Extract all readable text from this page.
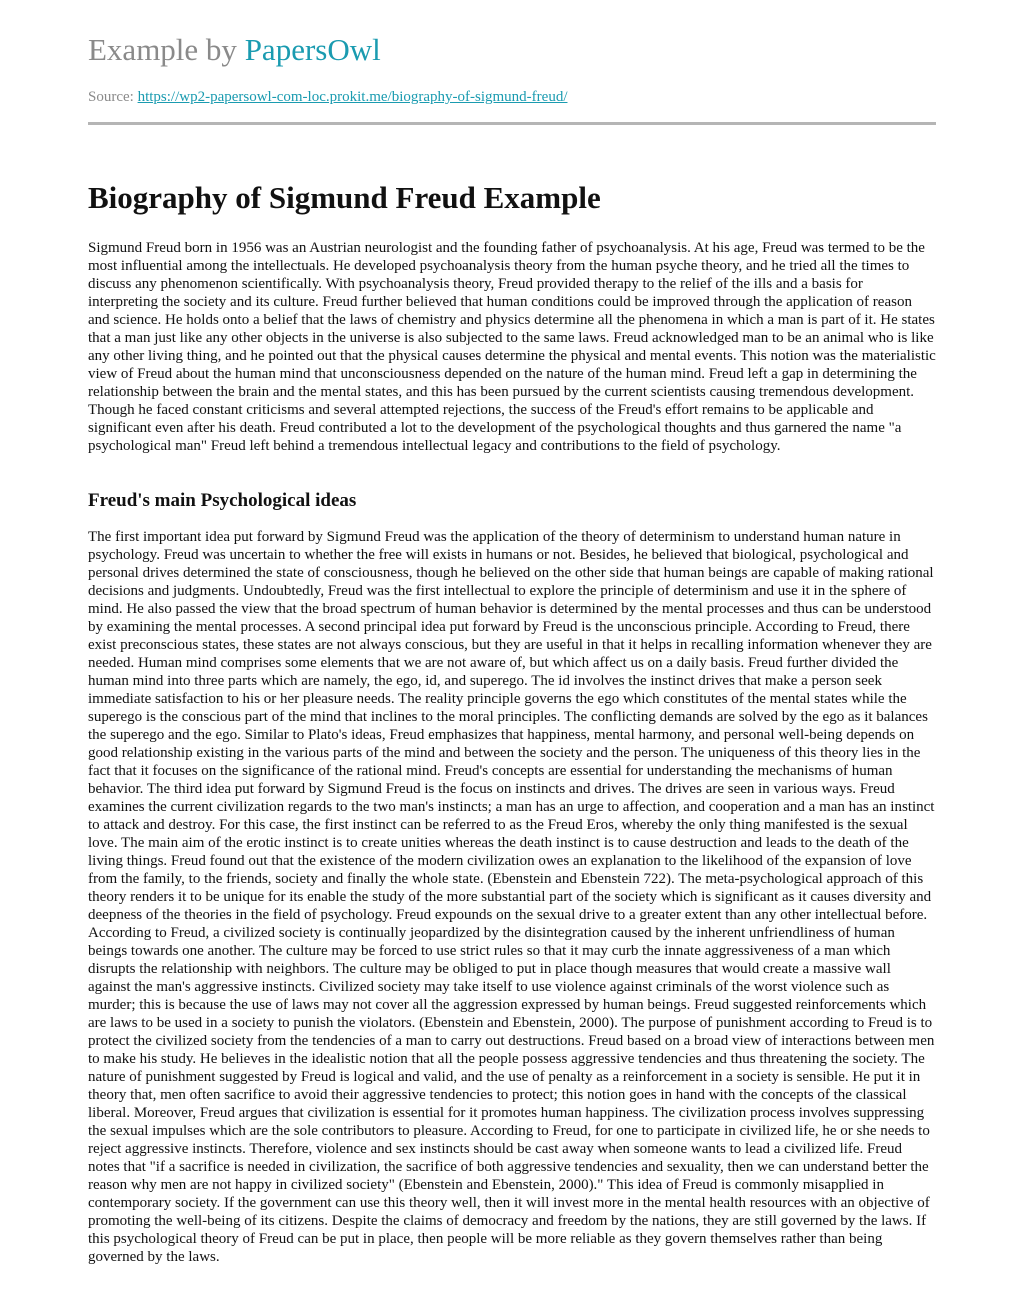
Example by PapersOwl
Source: https://wp2-papersowl-com-loc.prokit.me/biography-of-sigmund-freud/
Biography of Sigmund Freud Example

Sigmund Freud born in 1956 was an Austrian neurologist and the founding father of psychoanalysis. At his age, Freud was termed to be the most influential among the intellectuals. He developed psychoanalysis theory from the human psyche theory, and he tried all the times to discuss any phenomenon scientifically. With psychoanalysis theory, Freud provided therapy to the relief of the ills and a basis for interpreting the society and its culture. Freud further believed that human conditions could be improved through the application of reason and science. He holds onto a belief that the laws of chemistry and physics determine all the phenomena in which a man is part of it. He states that a man just like any other objects in the universe is also subjected to the same laws. Freud acknowledged man to be an animal who is like any other living thing, and he pointed out that the physical causes determine the physical and mental events. This notion was the materialistic view of Freud about the human mind that unconsciousness depended on the nature of the human mind. Freud left a gap in determining the relationship between the brain and the mental states, and this has been pursued by the current scientists causing tremendous development. Though he faced constant criticisms and several attempted rejections, the success of the Freud's effort remains to be applicable and significant even after his death. Freud contributed a lot to the development of the psychological thoughts and thus garnered the name "a psychological man" Freud left behind a tremendous intellectual legacy and contributions to the field of psychology.

Freud's main Psychological ideas

The first important idea put forward by Sigmund Freud was the application of the theory of determinism to understand human nature in psychology. Freud was uncertain to whether the free will exists in humans or not. Besides, he believed that biological, psychological and personal drives determined the state of consciousness, though he believed on the other side that human beings are capable of making rational decisions and judgments. Undoubtedly, Freud was the first intellectual to explore the principle of determinism and use it in the sphere of mind. He also passed the view that the broad spectrum of human behavior is determined by the mental processes and thus can be understood by examining the mental processes. A second principal idea put forward by Freud is the unconscious principle. According to Freud, there exist preconscious states, these states are not always conscious, but they are useful in that it helps in recalling information whenever they are needed. Human mind comprises some elements that we are not aware of, but which affect us on a daily basis. Freud further divided the human mind into three parts which are namely, the ego, id, and superego. The id involves the instinct drives that make a person seek immediate satisfaction to his or her pleasure needs. The reality principle governs the ego which constitutes of the mental states while the superego is the conscious part of the mind that inclines to the moral principles. The conflicting demands are solved by the ego as it balances the superego and the ego. Similar to Plato's ideas, Freud emphasizes that happiness, mental harmony, and personal well-being depends on good relationship existing in the various parts of the mind and between the society and the person. The uniqueness of this theory lies in the fact that it focuses on the significance of the rational mind. Freud's concepts are essential for understanding the mechanisms of human behavior. The third idea put forward by Sigmund Freud is the focus on instincts and drives. The drives are seen in various ways. Freud examines the current civilization regards to the two man's instincts; a man has an urge to affection, and cooperation and a man has an instinct to attack and destroy. For this case, the first instinct can be referred to as the Freud Eros, whereby the only thing manifested is the sexual love. The main aim of the erotic instinct is to create unities whereas the death instinct is to cause destruction and leads to the death of the living things. Freud found out that the existence of the modern civilization owes an explanation to the likelihood of the expansion of love from the family, to the friends, society and finally the whole state. (Ebenstein and Ebenstein 722). The meta-psychological approach of this theory renders it to be unique for its enable the study of the more substantial part of the society which is significant as it causes diversity and deepness of the theories in the field of psychology. Freud expounds on the sexual drive to a greater extent than any other intellectual before. According to Freud, a civilized society is continually jeopardized by the disintegration caused by the inherent unfriendliness of human beings towards one another. The culture may be forced to use strict rules so that it may curb the innate aggressiveness of a man which disrupts the relationship with neighbors. The culture may be obliged to put in place though measures that would create a massive wall against the man's aggressive instincts. Civilized society may take itself to use violence against criminals of the worst violence such as murder; this is because the use of laws may not cover all the aggression expressed by human beings. Freud suggested reinforcements which are laws to be used in a society to punish the violators. (Ebenstein and Ebenstein, 2000). The purpose of punishment according to Freud is to protect the civilized society from the tendencies of a man to carry out destructions. Freud based on a broad view of interactions between men to make his study. He believes in the idealistic notion that all the people possess aggressive tendencies and thus threatening the society. The nature of punishment suggested by Freud is logical and valid, and the use of penalty as a reinforcement in a society is sensible. He put it in theory that, men often sacrifice to avoid their aggressive tendencies to protect; this notion goes in hand with the concepts of the classical liberal. Moreover, Freud argues that civilization is essential for it promotes human happiness. The civilization process involves suppressing the sexual impulses which are the sole contributors to pleasure. According to Freud, for one to participate in civilized life, he or she needs to reject aggressive instincts. Therefore, violence and sex instincts should be cast away when someone wants to lead a civilized life. Freud notes that "if a sacrifice is needed in civilization, the sacrifice of both aggressive tendencies and sexuality, then we can understand better the reason why men are not happy in civilized society" (Ebenstein and Ebenstein, 2000)." This idea of Freud is commonly misapplied in contemporary society. If the government can use this theory well, then it will invest more in the mental health resources with an objective of promoting the well-being of its citizens. Despite the claims of democracy and freedom by the nations, they are still governed by the laws. If this psychological theory of Freud can be put in place, then people will be more reliable as they govern themselves rather than being governed by the laws.
